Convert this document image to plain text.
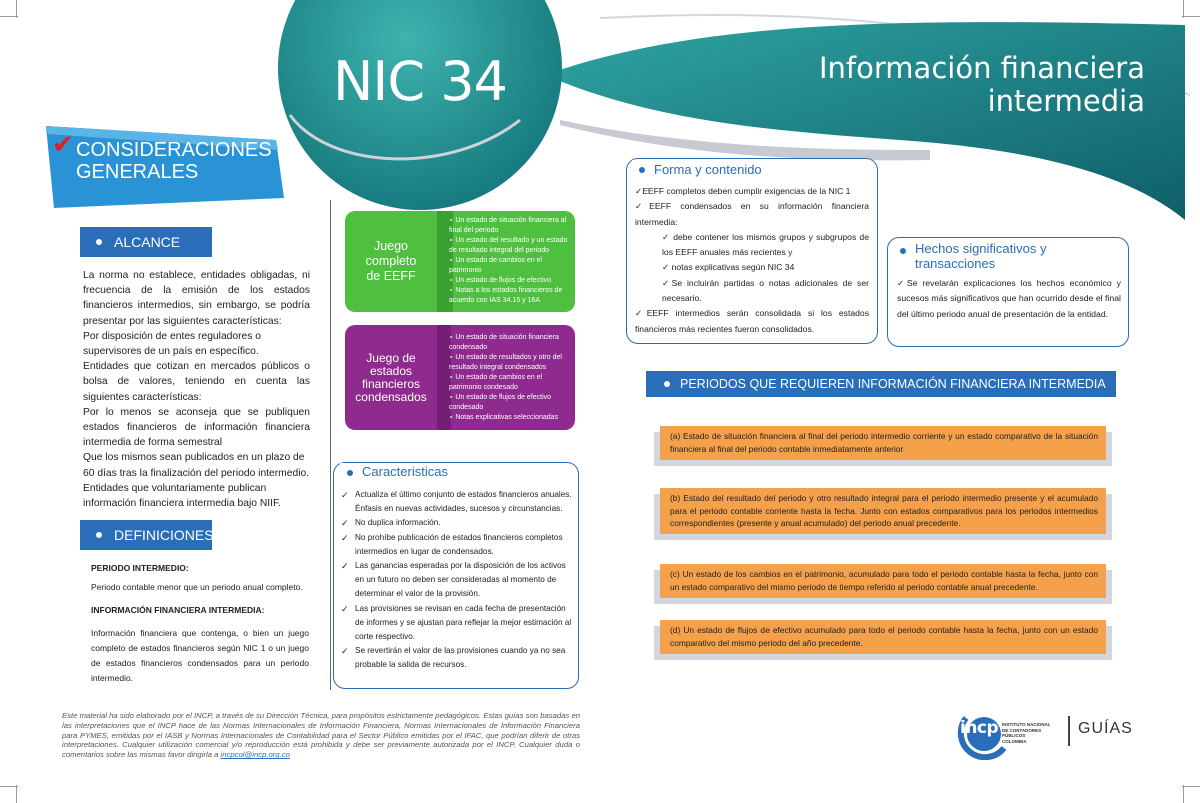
NIC 34	Información financiera
intermedia
✔ CONSIDERACIONES
GENERALES
ALCANCE

La norma no establece, entidades obligadas, ni frecuencia de la emisión de los estados financieros intermedios, sin embargo, se podría presentar por las siguientes características:

Por disposición de entes reguladores o supervisores de un país en específico.

Entidades que cotizan en mercados públicos o bolsa de valores, teniendo en cuenta las siguientes características:

Por lo menos se aconseja que se publiquen estados financieros de información financiera intermedia de forma semestral

Que los mismos sean publicados en un plazo de 60 días tras la finalización del periodo intermedio.

Entidades que voluntariamente publican información financiera intermedia bajo NIIF.

DEFINICIONES
PERIODO INTERMEDIO:
Periodo contable menor que un periodo anual completo.
INFORMACIÓN FINANCIERA INTERMEDIA:
Información financiera que contenga, o bien un juego completo de estados financieros según NIC 1 o un juego de estados financieros condensados para un periodo intermedio.
Juego
completo
de EEFF
∘ Un estado de situación financiera al final del periodo
∘ Un estado del resultado y un estado de resultado integral del periodo
∘ Un estado de cambios en el patrimonio
∘ Un estado de flujos de efectivo
∘ Notas a los estados financieros de acuerdo con IAS 34.15 y 16A
Juego de
estados
financieros
condensados
∘ Un estado de situación financiera condensado
∘ Un estado de resultados y otro del resultado integral condensados
∘ Un estado de cambios en el patrimonio condesado
∘ Un estado de flujos de efectivo condesado
∘ Notas explicativas seleccionadas
Caracteristicas
✓ Actualiza el último conjunto de estados financieros anuales. Énfasis en nuevas actividades, sucesos y circunstancias.
✓ No duplica información.
✓ No prohíbe publicación de estados financieros completos intermedios en lugar de condensados.
✓ Las ganancias esperadas por la disposición de los activos en un futuro no deben ser consideradas al momento de determinar el valor de la provisión.
✓ Las provisiones se revisan en cada fecha de presentación de informes y se ajustan para reflejar la mejor estimación al corte respectivo.
✓ Se revertirán el valor de las provisiones cuando ya no sea probable la salida de recursos.
Forma y contenido
✓EEFF completos deben cumplir exigencias de la NIC 1
✓EEFF condensados en su información financiera intermedia:
✓ debe contener los mismos grupos y subgrupos de los EEFF anuales más recientes y
✓ notas explicativas según NIC 34
✓Se incluirán partidas o notas adicionales de ser necesario.
✓EEFF intermedios serán consolidada si los estados financieros más recientes fueron consolidados.
Hechos significativos y
transacciones
✓Se revelarán explicaciones los hechos económico y sucesos más significativos que han ocurrido desde el final del último periodo anual de presentación de la entidad.
PERIODOS QUE REQUIEREN INFORMACIÓN FINANCIERA INTERMEDIA
(a) Estado de situación financiera al final del periodo intermedio corriente y un estado comparativo de la situación financiera al final del periodo contable inmediatamente anterior
(b) Estado del resultado del periodo y otro resultado integral para el periodo intermedio presente y el acumulado para el periodo contable corriente hasta la fecha. Junto con estados comparativos para los periodos intermedios correspondientes (presente y anual acumulado) del periodo anual precedente.
(c) Un estado de los cambios en el patrimonio, acumulado para todo el periodo contable hasta la fecha, junto con un estado comparativo del mismo periodo de tiempo referido al periodo contable anual precedente.
(d) Un estado de flujos de efectivo acumulado para todo el periodo contable hasta la fecha, junto con un estado comparativo del mismo periodo del año precedente.
Este material ha sido elaborado por el INCP, a través de su Dirección Técnica, para propósitos estrictamente pedagógicos. Estas guías son basadas en las interpretaciones que el INCP hace de las Normas Internacionales de Información Financiera, Normas Internacionales de Información Financiera para PYMES, emitidas por el IASB y Normas Internacionales de Contabilidad para el Sector Público emitidas por el IFAC, que podrían diferir de otras interpretaciones. Cualquier utilización comercial y/o reproducción está prohibida y debe ser previamente autorizada por el INCP. Cualquier duda o comentarios sobre las mismas favor dirigirla a incpcol@incp.org.co
incp INSTITUTO NACIONAL
DE CONTADORES PÚBLICOS
COLOMBIA
GUÍAS
